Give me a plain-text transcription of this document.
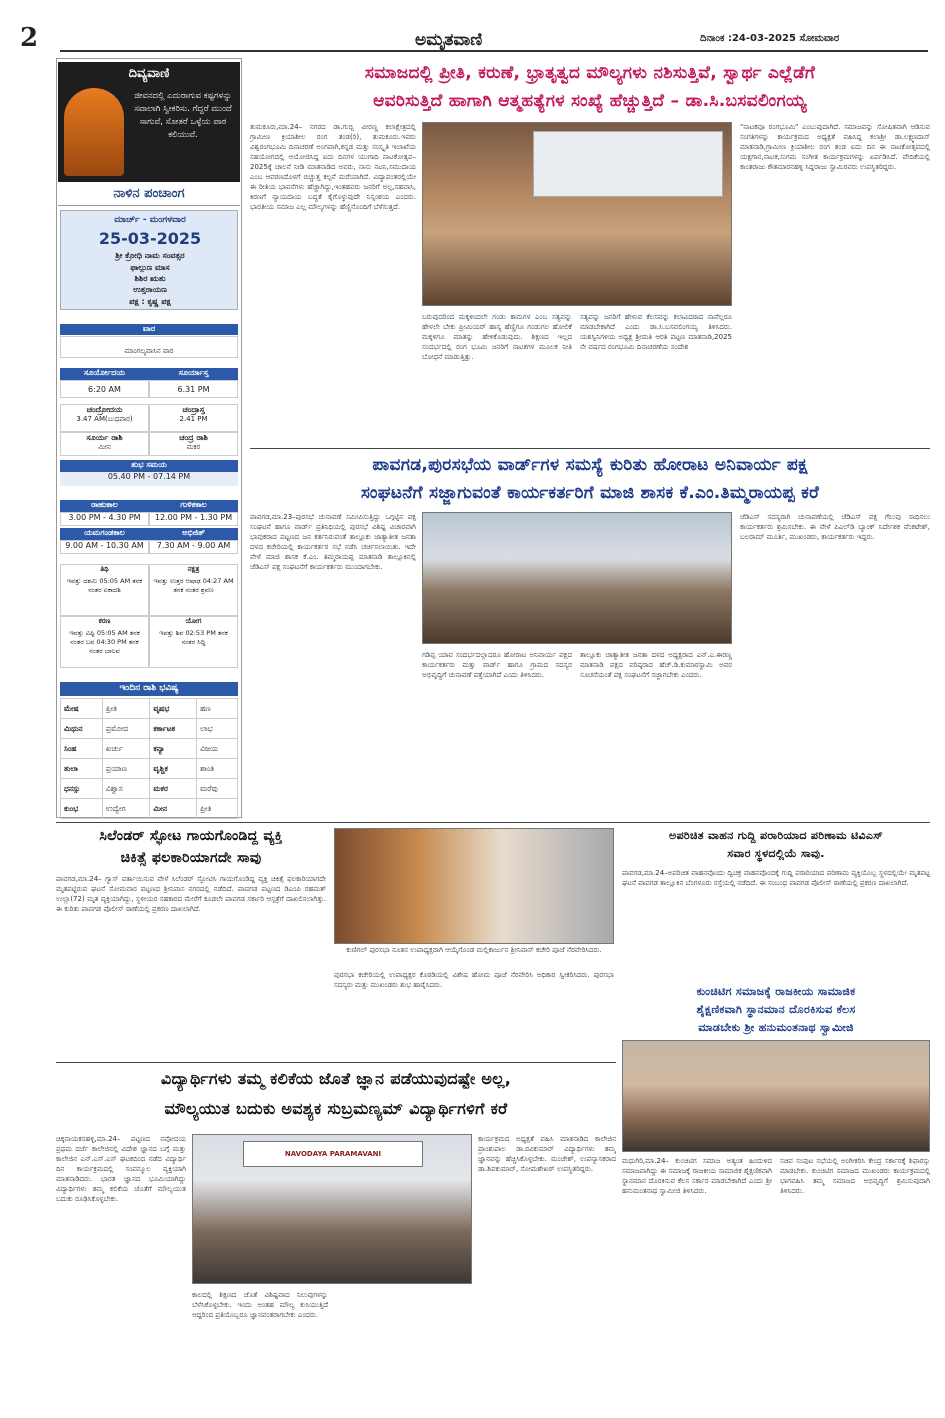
2	ಅಮೃತವಾಣಿ	ದಿನಾಂಕ :24-03-2025 ಸೋಮವಾರ
ದಿವ್ಯವಾಣಿ
ಜೀವನದಲ್ಲಿ ಎದುರಾಗುವ ಕಷ್ಟಗಳನ್ನು ಸವಾಲಾಗಿ ಸ್ವೀಕರಿಸು. ಗೆದ್ದರೆ ಮುಂದೆ ಸಾಗುವೆ, ಸೋತರೆ ಒಳ್ಳೆಯ ಪಾಠ ಕಲಿಯುವೆ.
ನಾಳಿನ ಪಂಚಾಂಗ
ಮಾರ್ಚ್ - ಮಂಗಳವಾರ
25-03-2025
ಶ್ರೀ ಕ್ರೋಧಿ ನಾಮ ಸಂವತ್ಸರ
ಫಾಲ್ಗುಣ ಮಾಸ
ಶಿಶಿರ ಋತು
ಉತ್ತರಾಯಣ
ಪಕ್ಷ : ಕೃಷ್ಣ ಪಕ್ಷ
ವಾರ
ಮಾಂಗಲ್ಯವಾಸಿನ ವಾರ
ಸೂರ್ಯೋದಯ	ಸೂರ್ಯಾಸ್ತ
6:20 AM	6.31 PM
ಚಂದ್ರೋದಯ
3.47 AM(ಬುಧವಾರ)
ಚಂದ್ರಾಸ್ತ
2.41 PM
ಸೂರ್ಯ ರಾಶಿ
ಮೀನ
ಚಂದ್ರ ರಾಶಿ
ಮಕರ
ಶುಭ ಸಮಯ
05.40 PM - 07.14 PM
ರಾಹುಕಾಲ	ಗುಳಿಕಕಾಲ
3.00 PM - 4.30 PM	12.00 PM - 1.30 PM
ಯಮಗಂಡಕಾಲ	ಅಭಿಜಿತ್
9.00 AM - 10.30 AM	7.30 AM - 9.00 AM
ತಿಥಿ
ಇವತ್ತು ದಶಮಿ 05:05 AM ತನಕ ನಂತರ ಏಕಾದಶಿ
ನಕ್ಷತ್ರ
ಇವತ್ತು ಉತ್ತರ ಆಷಾಢ 04:27 AM ತನಕ ನಂತರ ಶ್ರವಣ
ಕರಣ
ಇವತ್ತು ವಿಷ್ಟಿ 05:05 AM ತನಕ ನಂತರ ಬವ 04:30 PM ತನಕ ನಂತರ ಬಾಲವ
ಯೋಗ
ಇವತ್ತು ಶಿವ 02:53 PM ತನಕ ನಂತರ ಸಿದ್ಧಿ
ಇಂದಿನ ರಾಶಿ ಭವಿಷ್ಯ
ಮೇಷ	ಪ್ರೀತಿ	ವೃಷಭ	ಹಣ
ಮಿಥುನ	ಪ್ರಮೋದ	ಕರ್ಕಾಟಕ	ಲಾಭ
ಸಿಂಹ	ಖರ್ಚು	ಕನ್ಯಾ	ವಿಜಯ
ತುಲಾ	ಪ್ರಯಾಣ	ವೃಶ್ಚಿಕ	ಶಾಂತಿ
ಧನಸ್ಸು	ವಿಶ್ವಾಸ	ಮಕರ	ಮರೆವು
ಕುಂಭ	ಉದ್ವೇಗ	ಮೀನ	ಪ್ರೀತಿ
ಸಮಾಜದಲ್ಲಿ ಪ್ರೀತಿ, ಕರುಣೆ, ಭ್ರಾತೃತ್ವದ ಮೌಲ್ಯಗಳು ನಶಿಸುತ್ತಿವೆ, ಸ್ವಾರ್ಥ ಎಲ್ಲೆಡೆಗೆ
ಆವರಿಸುತ್ತಿದೆ ಹಾಗಾಗಿ ಆತ್ಮಹತ್ಯೆಗಳ ಸಂಖ್ಯೆ ಹೆಚ್ಚುತ್ತಿದೆ – ಡಾ.ಸಿ.ಬಸವಲಿಂಗಯ್ಯ
ತುಮಕೂರು,ಮಾ.24– ನಗರದ ಡಾ.ಗುಬ್ಬಿ ವೀರಣ್ಣ ಕಲಾಕ್ಷೇತ್ರದಲ್ಲಿ ಗ್ರಾಮೀಣ ಕ್ರಿಯಾಶೀಲ ರಂಗ ತಂಡ(ರಿ), ತುಮಕೂರು.ಇವರು ವಿಶ್ವರಂಗಭೂಮಿ ದಿನಾಚರಣೆ ಅಂಗವಾಗಿ,ಕನ್ನಡ ಮತ್ತು ಸಂಸ್ಕೃತಿ ಇಲಾಖೆಯ ಸಹಯೋಗದಲ್ಲಿ ಆಯೋಜಿಸಿದ್ದ ಐದು ದಿನಗಳ ಯುಗಾದಿ ನಾಟಕೋತ್ಸವ–2025ಕ್ಕೆ ಚಾಲನೆ ನೀಡಿ ಮಾತನಾಡಿದ ಅವರು, ನಾನು ನಟನಿ,ಸಮುದಾಯ ಎಂಬ ಆವರಣದೊಳಗೆ ಬಿಚ್ಚುತ್ತ ಕಲ್ಪನೆ ಮರೆಯಾಗಿದೆ. ವಿದ್ಯಾವಂತರಲ್ಲಿಯೇ ಈ ರೀತಿಯ ಭಾವನೆಗಳು ಹೆಚ್ಚಾಗಿದ್ದು,ಇಂತಹವರು ಜನರಿಗೆ ಅಲ್ಪ,ಸಹವಾಸಿ, ಕಿರಣಗೆ ನ್ಯಾಯದಾಯ ಬದ್ಧತೆ ಕೈಗೊಳ್ಳುವುದೇ ನಿಸ್ಸಂಶಯ ಎಂದರು. ಭಾರತೀಯ ಸಮಾಜ ಎಲ್ಲ ಮೌಲ್ಯಗಳನ್ನು ಹೆಣ್ಣಿನೊಂದಿಗೆ ಬೆಳೆಸುತ್ತದೆ.
ಬರುವುದರಿಂದ ಮಕ್ಕಳಿಂದಲೇ ಗಂಡು ಕಾಮಗಳ ಎಂಬ ಸತ್ಯವನ್ನು ಹೇಳಲೇ ಬೇಕು ಪ್ರೀಮಿಯರ್ ಹಾಸ್ಯ ಹೆಣ್ಣಿಗೂ ಗಂಡುಗಲ ಹೋಲಿಕೆ ಮಕ್ಕಳಿಗೂ ಮಾತನ್ನು ಹೇಳಿಕೊಡುವುದು. ಶಿಕ್ಷಣದ ಇಲ್ಲದ ಸಂದರ್ಭದಲ್ಲಿ ರಂಗ ಭೂಮಿ ಜನರಿಗೆ ನಾಟಕಗಳ ಮೂಲಕ ನೀತಿ ಬೋಧನೆ ಮಾಡುತ್ತಿತ್ತು.
ಸತ್ಯವನ್ನು ಜನರಿಗೆ ಹೇಳುವ ಕೆಲಸವನ್ನು ಕಲಾವಿದರಾದ ನಾವೆಲ್ಲರೂ ಮಾಡಬೇಕಾಗಿದೆ ಎಂದು ಡಾ.ಸಿ.ಬಸವಲಿಂಗಯ್ಯ ತಿಳಿಸಿದರು. ಯಶಸ್ವಿನಿಗಳಿಯ ಅಧ್ಯಕ್ಷ ಶ್ರೀಮತಿ ಆರತಿ ಪಟ್ಟಣ ಮಾತನಾಡಿ,2025 ನೇ ವರ್ಷದ ರಂಗಭೂಮಿ ದಿನಾಚರಣೆಯ ಸಂದೇಶ
"ನಾಟಕವೂ ರಂಗಭೂಮಿ" ಎಂಬುವುದಾಗಿದೆ. ಸಮಾಜವನ್ನು ಸೋಷಿತವಾಗಿ ಆಡಿಸುವ ಸಂಗತಿಗಳನ್ನು ಕಾರ್ಯಕ್ರಮದ ಅಧ್ಯಕ್ಷತೆ ವಹಿಸಿದ್ದ ಕಲಾಶ್ರೀ ಡಾ.ಲಕ್ಷ್ಮಣದಾಸ್ ಮಾತನಾಡಿ,ಗ್ರಾಮೀಣ ಕ್ರಿಯಾಶೀಲ ರಂಗ ತಂಡ ಐದು ದಿನ ಈ ನಾಟಕೋತ್ಸವದಲ್ಲಿ ಯಕ್ಷಗಾನ,ನಾಟಕ,ಸುಗಮ ಸಂಗೀತ ಕಾರ್ಯಕ್ರಮಗಳನ್ನು ಏರ್ಪಡಿಸಿದೆ. ವೇದಿಕೆಯಲ್ಲಿ ಕಾಂತರಾಜು ಕೌತಮಾರನಹಳ್ಳಿ ಸಿದ್ದರಾಜು ಸ್ವಾಮಿರವರು ಉಪಸ್ಥಿತರಿದ್ದರು.
ಪಾವಗಡ,ಪುರಸಭೆಯ ವಾರ್ಡ್‌ಗಳ ಸಮಸ್ಯೆ ಕುರಿತು ಹೋರಾಟ ಅನಿವಾರ್ಯ ಪಕ್ಷ
ಸಂಘಟನೆಗೆ ಸಜ್ಜಾಗುವಂತೆ ಕಾರ್ಯಕರ್ತರಿಗೆ ಮಾಜಿ ಶಾಸಕ ಕೆ.ಎಂ.ತಿಮ್ಮರಾಯಪ್ಪ ಕರೆ
ಪಾವಗಡ,ಮಾ.23–ಪುರಸಭೆ ಚುನಾವಣೆ ಸಮೀಪಿಸುತ್ತಿದ್ದು ಒಗ್ಗಟ್ಟಿನ ಪಕ್ಷ ಸಂಘಟನೆ ಹಾಗೂ ವಾರ್ಡ್ ಪ್ರತಿನಿಧಿಯಲ್ಲಿ ಪುರಸಭೆ ವಿಶಿಷ್ಟ ವಿಚಾರವಾಗಿ ಭಾವುಕರಾದ ಪಟ್ಟಣದ ಜನ ಕರ್ತನಿರುವಂತೆ ತಾಲ್ಲೂಕು ಜಾತ್ಯಾತೀತ ಜನತಾ ದಳದ ಕಚೇರಿಯಲ್ಲಿ ಕಾರ್ಯಕರ್ತರ ಸಭೆ ನಡೆಸಿ ಚರ್ಚಿಸಲಾಯಿತು. ಇದೇ ವೇಳೆ ಮಾಜಿ ಶಾಸಕ ಕೆ.ಎಂ. ತಿಮ್ಮರಾಯಪ್ಪ ಮಾತನಾಡಿ ತಾಲ್ಲೂಕಿನಲ್ಲಿ ಜೆಡಿಎಸ್ ಪಕ್ಷ ಸಂಘಟನೆಗೆ ಕಾರ್ಯಕರ್ತರು ಮುಂದಾಗಬೇಕು.
ಗಡಿಪ್ಪ ಯಾವ ಸಂದರ್ಭದಲ್ಲಾದರೂ ಹೋರಾಟ ಅನಿವಾರ್ಯ ಪಕ್ಷದ ಕಾರ್ಯಕರ್ತರು ಮತ್ತು ವಾರ್ಡ್ ಹಾಗೂ ಗ್ರಾಮದ ಸದಸ್ಯರ ಅಭಿವೃದ್ಧಿಗೆ ಚುನಾವಣೆ ಪತ್ತೆಯಾಗಿದೆ ಎಂದು ತಿಳಿಸಿದರು.
ತಾಲ್ಲೂಕು ಜಾತ್ಯಾತೀತ ಜನತಾ ದಳದ ಅಧ್ಯಕ್ಷರಾದ ಎನ್.ಎ.ಈರಣ್ಣ ಮಾತನಾಡಿ ಪಕ್ಷದ ವರಿಷ್ಠರಾದ ಹೆಚ್.ಡಿ.ಕುಮಾರಸ್ವಾಮಿ ಅವರ ಸೂಚನೆಯಂತೆ ಪಕ್ಷ ಸಂಘಟನೆಗೆ ಸಜ್ಜಾಗಬೇಕು ಎಂದರು.
ಜೆಡಿಎಸ್ ಸದಸ್ಯರಾಗಿ ಚುನಾವಣೆಯಲ್ಲಿ ಜೆಡಿಎಸ್ ಪಕ್ಷ ಗೆಲುವು ಸಾಧಿಸಲು ಕಾರ್ಯಕರ್ತರು ಶ್ರಮಿಸಬೇಕು. ಈ ವೇಳೆ ಪಿಎಲ್‌ಡಿ ಬ್ಯಾಂಕ್ ನಿರ್ದೇಶಕ ವೆಂಕಟೇಶ್, ಬಲರಾಮ್ ಮೂರ್ತಿ, ಮುಖಂಡರು, ಕಾರ್ಯಕರ್ತರು ಇದ್ದರು.
ಸಿಲೆಂಡರ್ ಸ್ಫೋಟ ಗಾಯಗೊಂಡಿದ್ದ ವ್ಯಕ್ತಿ
ಚಿಕಿತ್ಸೆ ಫಲಕಾರಿಯಾಗದೇ ಸಾವು
ಪಾವಗಡ,ಮಾ.24– ಗ್ಯಾಸ್ ವರ್ತಾಯಿಸುವ ವೇಳೆ ಸಿಲೆಂಡರ್ ಸ್ಫೋಟಿಸಿ ಗಾಯಗೊಂಡಿದ್ದ ವ್ಯಕ್ತಿ ಚಿಕಿತ್ಸೆ ಫಲಕಾರಿಯಾಗದೇ ಮೃತಪಟ್ಟಿರುವ ಘಟನೆ ಸೋಮವಾರ ಪಟ್ಟಣದ ಶ್ರೀನಿವಾಸ ನಗರದಲ್ಲಿ ನಡೆದಿದೆ. ಪಾವಗಡ ಪಟ್ಟಣದ ಡಿಎಂಪಿ ರಹಮತ್ ಉಲ್ಲಾ(72) ಮೃತ ವ್ಯಕ್ತಿಯಾಗಿದ್ದು, ಸ್ಥಳೀಯರ ಸಹಕಾರದ ಮೇರೆಗೆ ಕೂಡಲೇ ಪಾವಗಡ ಸರ್ಕಾರಿ ಆಸ್ಪತ್ರೆಗೆ ದಾಖಲಿಸಲಾಗಿತ್ತು. ಈ ಕುರಿತು ಪಾವಗಡ ಪೊಲೀಸ್ ಠಾಣೆಯಲ್ಲಿ ಪ್ರಕರಣ ದಾಖಲಾಗಿದೆ.
ಕುಣಿಗಲ್ ಪುರಸಭಾ ನೂತನ ಉಪಾಧ್ಯಕ್ಷರಾಗಿ ಆಯ್ಕೆಗೊಂಡ ಮಲ್ಲಿಕಾರ್ಜುನ ಶ್ರೀನಿವಾಸ್ ಕಚೇರಿ ಪೂಜೆ ನೆರವೇರಿಸಿದರು.
ಪುರಸಭಾ ಕಚೇರಿಯಲ್ಲಿ ಉಪಾಧ್ಯಕ್ಷರ ಕೊಠಡಿಯಲ್ಲಿ ವಿಶೇಷ ಹೋಮ ಪೂಜೆ ನೆರವೇರಿಸಿ ಅಧಿಕಾರ ಸ್ವೀಕರಿಸಿದರು. ಪುರಸಭಾ ಸದಸ್ಯರು ಮತ್ತು ಮುಖಂಡರು ಶುಭ ಹಾರೈಸಿದರು.
ಅಪರಿಚಿತ ವಾಹನ ಗುದ್ದಿ ಪರಾರಿಯಾದ ಪರಿಣಾಮ ಟಿವಿಎಸ್
ಸವಾರ ಸ್ಥಳದಲ್ಲಿಯೆ ಸಾವು.
ಪಾವಗಡ,ಮಾ.24–ಅಪರಿಚಿತ ವಾಹನವೊಂದು ದ್ವಿಚಕ್ರ ವಾಹನವೊಂದಕ್ಕೆ ಗುದ್ದಿ ಪರಾರಿಯಾದ ಪರಿಣಾಮ ವ್ಯಕ್ತಿಯೊಬ್ಬ ಸ್ಥಳದಲ್ಲಿಯೇ ಮೃತಪಟ್ಟ ಘಟನೆ ಪಾವಗಡ ತಾಲ್ಲೂಕಿನ ಬೆಂಗಳೂರು ರಸ್ತೆಯಲ್ಲಿ ನಡೆದಿದೆ. ಈ ಸಂಬಂಧ ಪಾವಗಡ ಪೊಲೀಸ್ ಠಾಣೆಯಲ್ಲಿ ಪ್ರಕರಣ ದಾಖಲಾಗಿದೆ.
ಕುಂಚಿಟಿಗ ಸಮಾಜಕ್ಕೆ ರಾಜಕೀಯ ಸಾಮಾಜಿಕ
ಶೈಕ್ಷಣಿಕವಾಗಿ ಸ್ಥಾನಮಾನ ದೊರಕಿಸುವ ಕೆಲಸ
ಮಾಡಬೇಕು ಶ್ರೀ ಹನುಮಂತನಾಥ ಸ್ವಾಮೀಜಿ
ಮಧುಗಿರಿ,ಮಾ.24– ಕುಂಚಿಟಿಗ ಸಮಾಜ ಅತ್ಯಂತ ಹಿಂದುಳಿದ ಸಮಾಜವಾಗಿದ್ದು ಈ ಸಮಾಜಕ್ಕೆ ರಾಜಕೀಯ ಸಾಮಾಜಿಕ ಶೈಕ್ಷಣಿಕವಾಗಿ ಸ್ಥಾನಮಾನ ದೊರಕಿಸುವ ಕೆಲಸ ಸರ್ಕಾರ ಮಾಡಬೇಕಾಗಿದೆ ಎಂದು ಶ್ರೀ ಹನುಮಂತನಾಥ ಸ್ವಾಮೀಜಿ ತಿಳಿಸಿದರು.
ಸಚಿವ ಸಂಪುಟ ಸಭೆಯಲ್ಲಿ ಅಂಗೀಕರಿಸಿ ಕೇಂದ್ರ ಸರ್ಕಾರಕ್ಕೆ ಶಿಫಾರಸ್ಸು ಮಾಡಬೇಕು. ಕುಂಚಿಟಿಗ ಸಮಾಜದ ಮುಖಂಡರು ಕಾರ್ಯಕ್ರಮದಲ್ಲಿ ಭಾಗವಹಿಸಿ ತಮ್ಮ ಸಮಾಜದ ಅಭಿವೃದ್ಧಿಗೆ ಶ್ರಮಿಸುವುದಾಗಿ ತಿಳಿಸಿದರು.
ವಿದ್ಯಾರ್ಥಿಗಳು ತಮ್ಮ ಕಲಿಕೆಯ ಜೊತೆ ಜ್ಞಾನ ಪಡೆಯುವುದಷ್ಟೇ ಅಲ್ಲ,
ಮೌಲ್ಯಯುತ ಬದುಕು ಅವಶ್ಯಕ ಸುಬ್ರಮಣ್ಯಮ್ ವಿದ್ಯಾರ್ಥಿಗಳಿಗೆ ಕರೆ
ಚಿಕ್ಕನಾಯಕನಹಳ್ಳಿ,ಮಾ.24– ಪಟ್ಟಣದ ನವೋದಯ ಪ್ರಥಮ ದರ್ಜೆ ಕಾಲೇಜಿನಲ್ಲಿ ವಿದೇಶ ಜ್ಞಾನದ ಬಗ್ಗೆ ಮತ್ತು ಕಾಲೇಜಿನ ಎನ್.ಎಸ್.ಎಸ್ ಘಟಕದಿಂದ ನಡೆದ ವಿದ್ಯಾರ್ಥಿ ದಿನ ಕಾರ್ಯಕ್ರಮದಲ್ಲಿ ಸಂಪನ್ಮೂಲ ವ್ಯಕ್ತಿಯಾಗಿ ಮಾತನಾಡಿದರು. ಭಾರತ ಜ್ಞಾನದ ಭೂಮಿಯಾಗಿದ್ದು ವಿದ್ಯಾರ್ಥಿಗಳು ತಮ್ಮ ಕಲಿಕೆಯ ಜೊತೆಗೆ ಮೌಲ್ಯಯುತ ಬದುಕು ರೂಢಿಸಿಕೊಳ್ಳಬೇಕು.
NAVODAYA PARAMAVANI
ಕಾಲದಲ್ಲಿ ಶಿಕ್ಷಣದ ಜೊತೆ ವಿಶಿಷ್ಟವಾದ ನಿಲುವುಗಳನ್ನು ಬೆಳೆಸಿಕೊಳ್ಳಬೇಕು. ಇಂದು ಅಂತಹ ಮೌಲ್ಯ ಕುಸಿಯುತ್ತಿದೆ ಆದ್ದರಿಂದ ಪ್ರತಿಯೊಬ್ಬರೂ ಜ್ಞಾನವಂತರಾಗಬೇಕು ಎಂದರು.
ಕಾರ್ಯಕ್ರಮದ ಅಧ್ಯಕ್ಷತೆ ವಹಿಸಿ ಮಾತನಾಡಿದ ಕಾಲೇಜಿನ ಪ್ರಾಂಶುಪಾಲ ಡಾ.ರವಿಕುಮಾರ್ ವಿದ್ಯಾರ್ಥಿಗಳು ತಮ್ಮ ಜ್ಞಾನವನ್ನು ಹೆಚ್ಚಿಸಿಕೊಳ್ಳಬೇಕು. ಮಂಜೇಶ್, ಉಪನ್ಯಾಸಕರಾದ ಡಾ.ಶಿವಕುಮಾರ್, ಸೋಮಶೇಖರ್ ಉಪಸ್ಥಿತರಿದ್ದರು.
